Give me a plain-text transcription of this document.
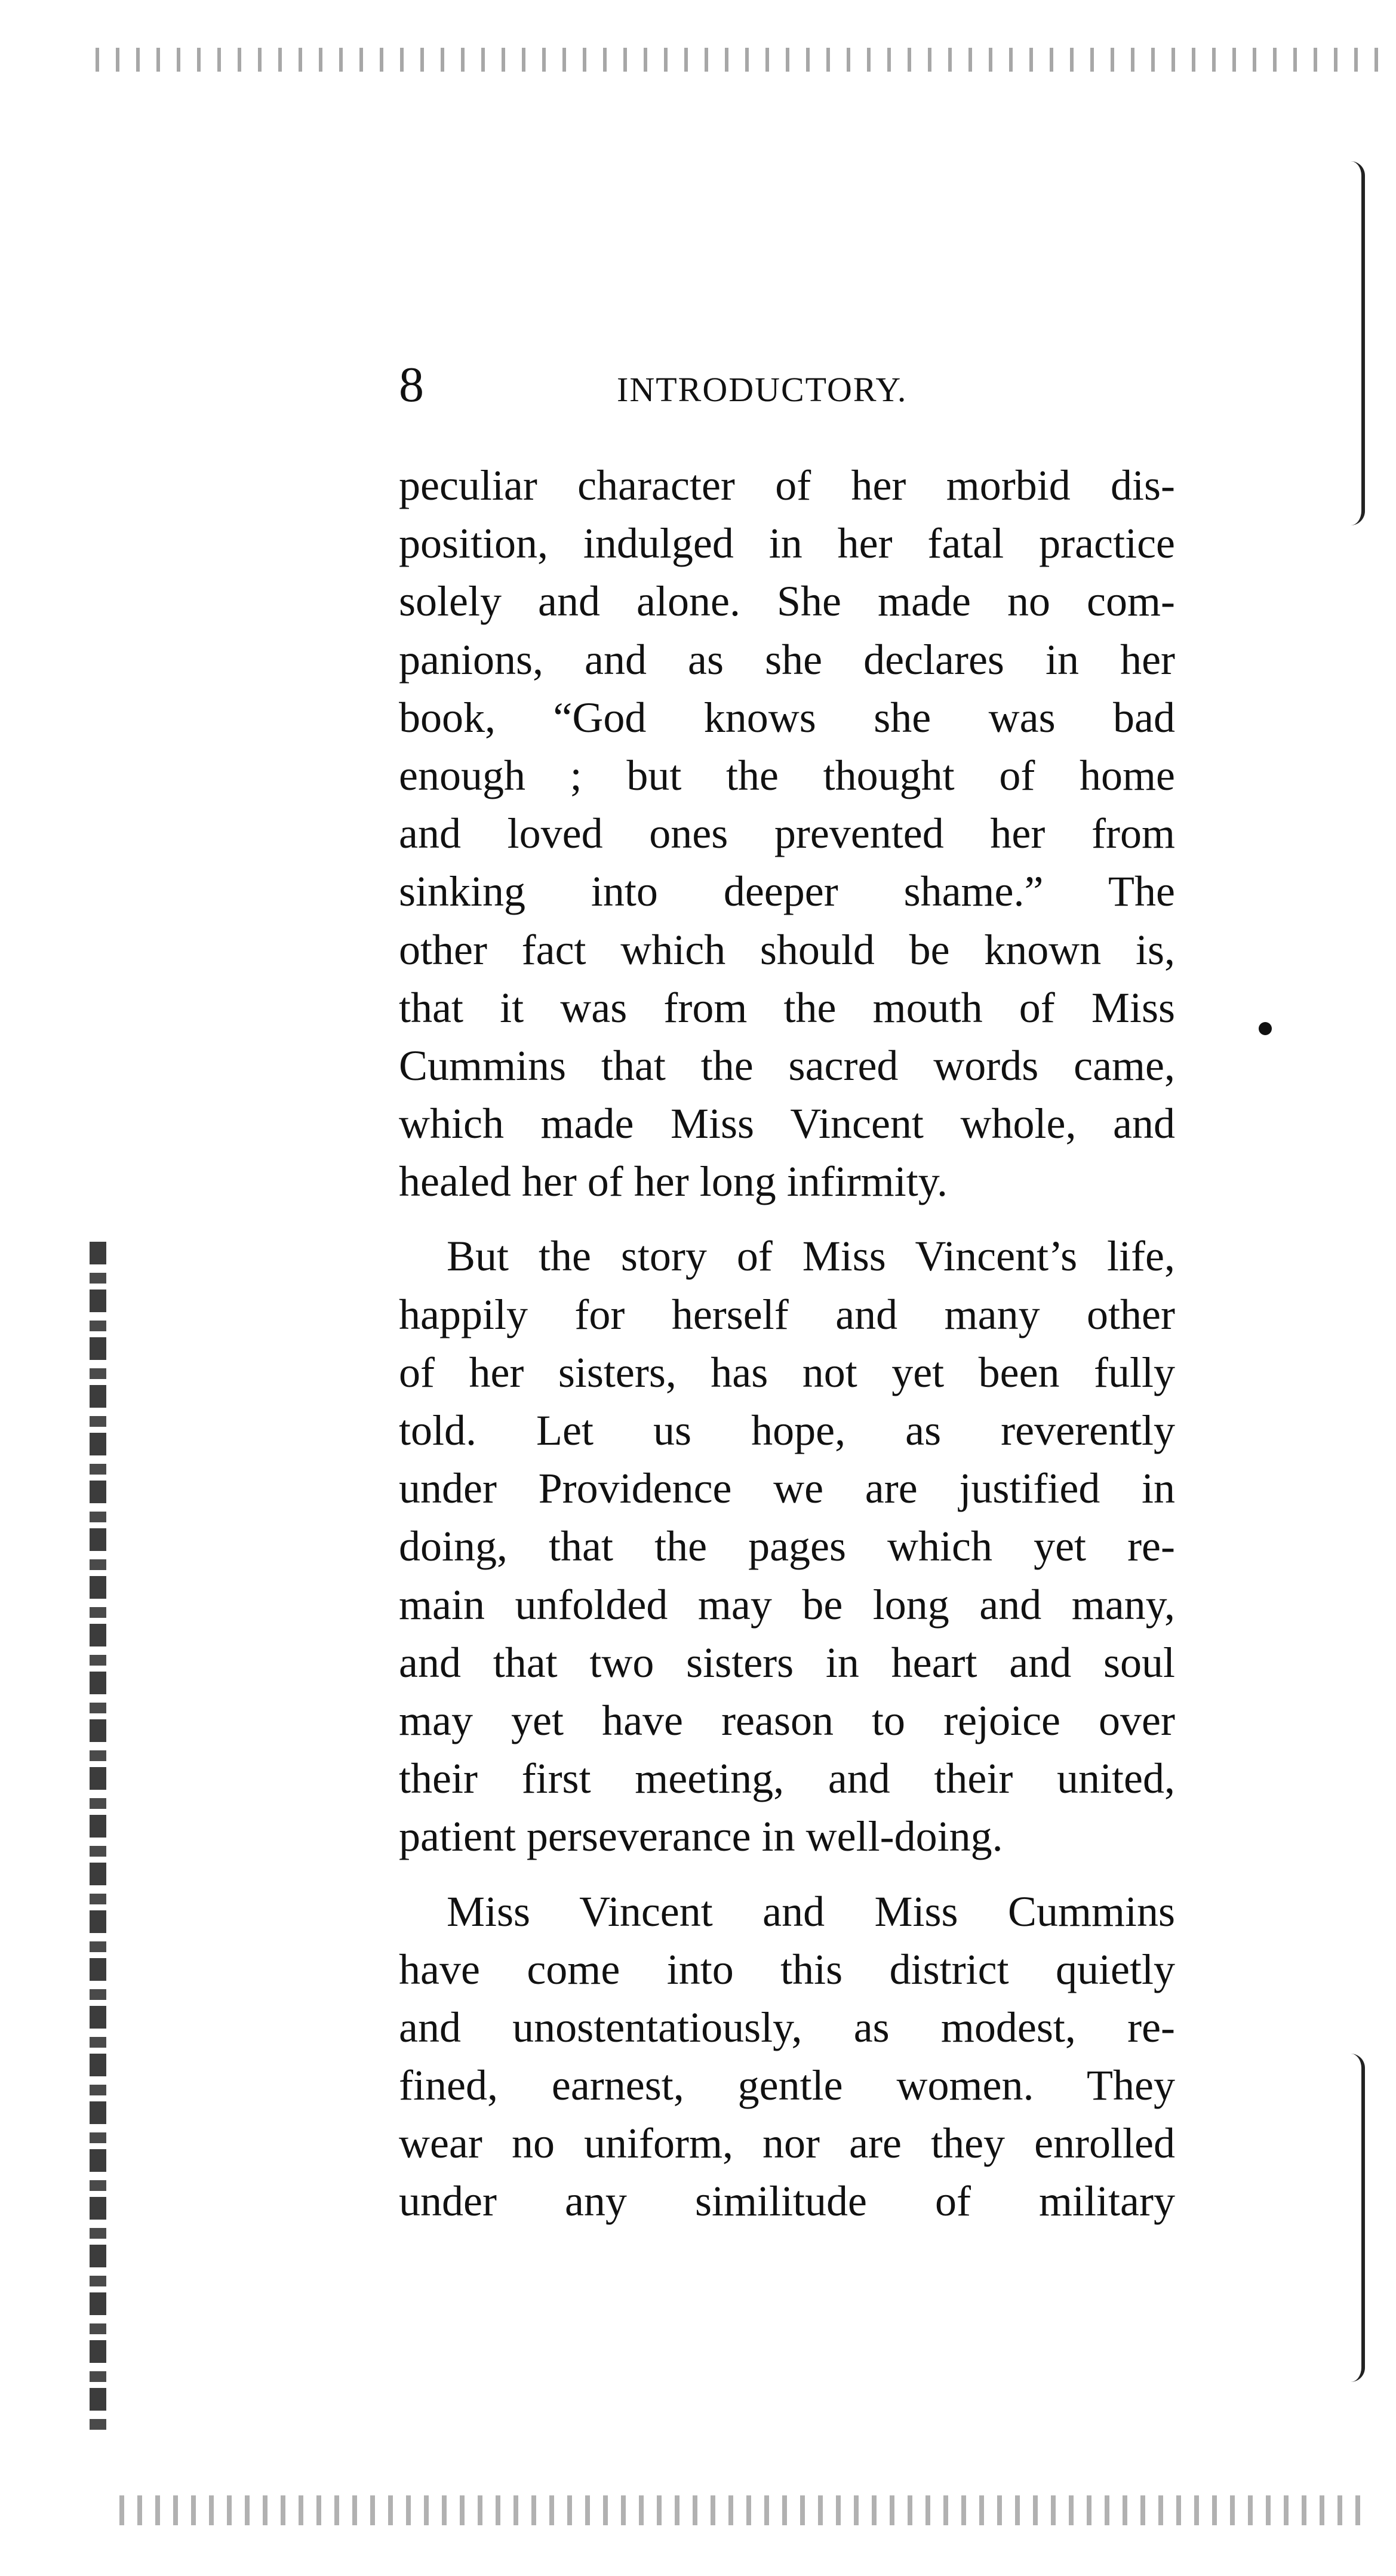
8	INTRODUCTORY.
peculiar character of her morbid dis-
position, indulged in her fatal practice
solely and alone. She made no com-
panions, and as she declares in her
book, “God knows she was bad
enough ; but the thought of home
and loved ones prevented her from
sinking into deeper shame.” The
other fact which should be known is,
that it was from the mouth of Miss
Cummins that the sacred words came,
which made Miss Vincent whole, and
healed her of her long infirmity.
But the story of Miss Vincent’s life,
happily for herself and many other
of her sisters, has not yet been fully
told. Let us hope, as reverently
under Providence we are justified in
doing, that the pages which yet re-
main unfolded may be long and many,
and that two sisters in heart and soul
may yet have reason to rejoice over
their first meeting, and their united,
patient perseverance in well-doing.
Miss Vincent and Miss Cummins
have come into this district quietly
and unostentatiously, as modest, re-
fined, earnest, gentle women. They
wear no uniform, nor are they enrolled
under any similitude of military
